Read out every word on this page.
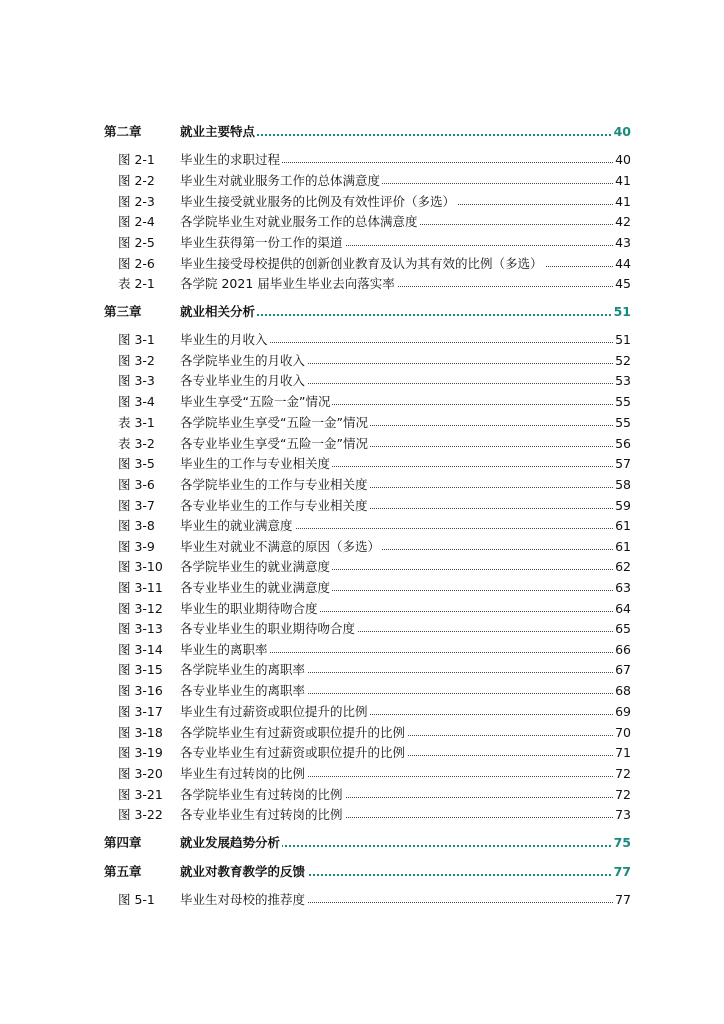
第二章	就业主要特点	40
图 2-1 毕业生的求职过程	40
图 2-2 毕业生对就业服务工作的总体满意度	41
图 2-3 毕业生接受就业服务的比例及有效性评价（多选）	41
图 2-4 各学院毕业生对就业服务工作的总体满意度	42
图 2-5 毕业生获得第一份工作的渠道	43
图 2-6 毕业生接受母校提供的创新创业教育及认为其有效的比例（多选）	44
表 2-1 各学院 2021 届毕业生毕业去向落实率	45
第三章	就业相关分析	51
图 3-1 毕业生的月收入	51
图 3-2 各学院毕业生的月收入	52
图 3-3 各专业毕业生的月收入	53
图 3-4 毕业生享受“五险一金”情况	55
表 3-1 各学院毕业生享受“五险一金”情况	55
表 3-2 各专业毕业生享受“五险一金”情况	56
图 3-5 毕业生的工作与专业相关度	57
图 3-6 各学院毕业生的工作与专业相关度	58
图 3-7 各专业毕业生的工作与专业相关度	59
图 3-8 毕业生的就业满意度	61
图 3-9 毕业生对就业不满意的原因（多选）	61
图 3-10 各学院毕业生的就业满意度	62
图 3-11 各专业毕业生的就业满意度	63
图 3-12 毕业生的职业期待吻合度	64
图 3-13 各专业毕业生的职业期待吻合度	65
图 3-14 毕业生的离职率	66
图 3-15 各学院毕业生的离职率	67
图 3-16 各专业毕业生的离职率	68
图 3-17 毕业生有过薪资或职位提升的比例	69
图 3-18 各学院毕业生有过薪资或职位提升的比例	70
图 3-19 各专业毕业生有过薪资或职位提升的比例	71
图 3-20 毕业生有过转岗的比例	72
图 3-21 各学院毕业生有过转岗的比例	72
图 3-22 各专业毕业生有过转岗的比例	73
第四章	就业发展趋势分析	75
第五章	就业对教育教学的反馈	77
图 5-1 毕业生对母校的推荐度	77
